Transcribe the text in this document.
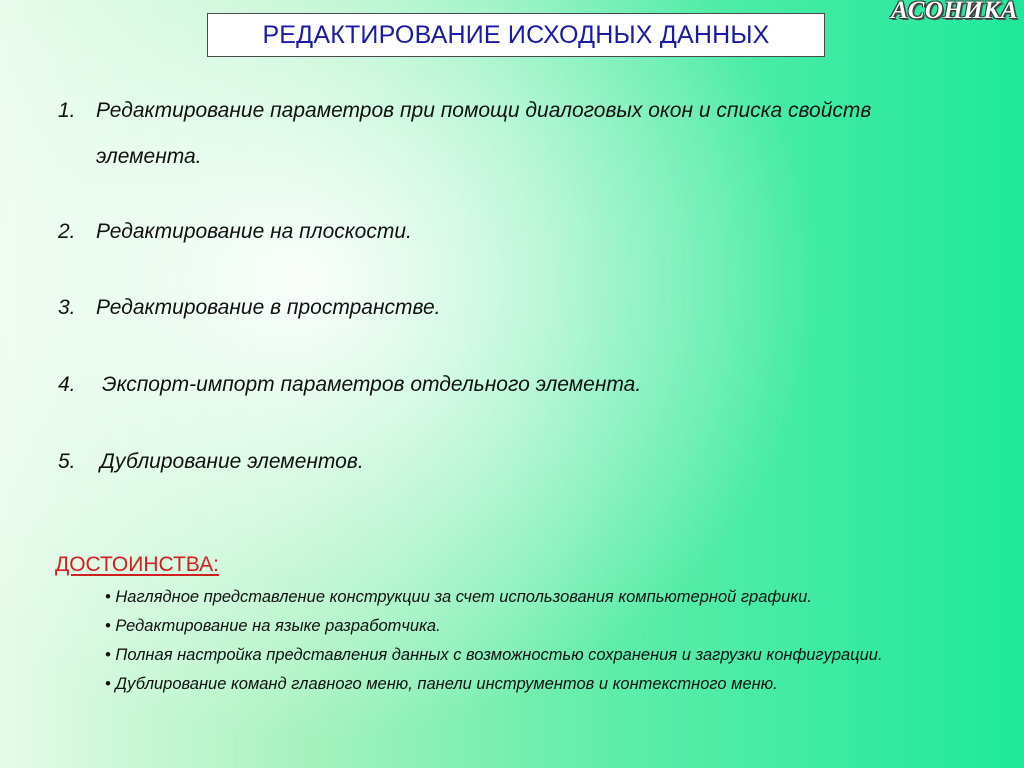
РЕДАКТИРОВАНИЕ ИСХОДНЫХ ДАННЫХ
АСОНИКА
1. Редактирование параметров при помощи диалоговых окон и списка свойств элемента.
2. Редактирование на плоскости.
3. Редактирование в пространстве.
4.	Экспорт-импорт параметров отдельного элемента.
5.	Дублирование элементов.
ДОСТОИНСТВА:
• Наглядное представление конструкции за счет использования компьютерной графики.
• Редактирование на языке разработчика.
• Полная настройка представления данных с возможностью сохранения и загрузки конфигурации.
• Дублирование команд главного меню, панели инструментов и контекстного меню.
